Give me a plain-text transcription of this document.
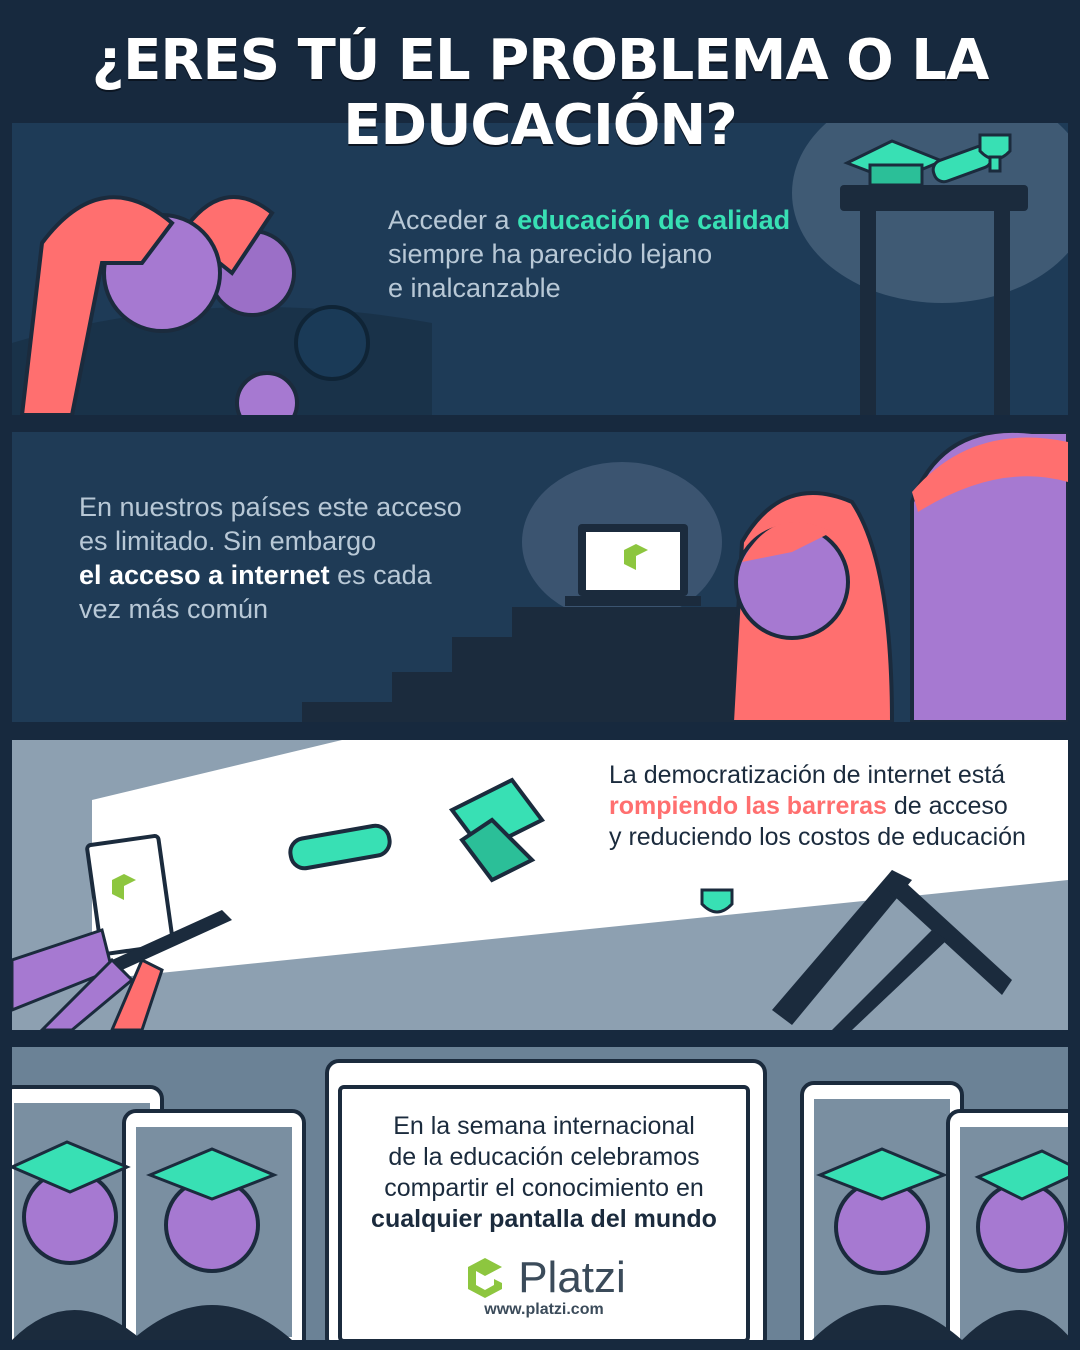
¿ERES TÚ EL PROBLEMA O LA EDUCACIÓN?
Acceder a educación de calidad
siempre ha parecido lejano
e inalcanzable
En nuestros países este acceso
es limitado. Sin embargo
el acceso a internet es cada
vez más común
La democratización de internet está
rompiendo las barreras de acceso
y reduciendo los costos de educación
En la semana internacional
de la educación celebramos
compartir el conocimiento en
cualquier pantalla del mundo
Platzi
www.platzi.com
